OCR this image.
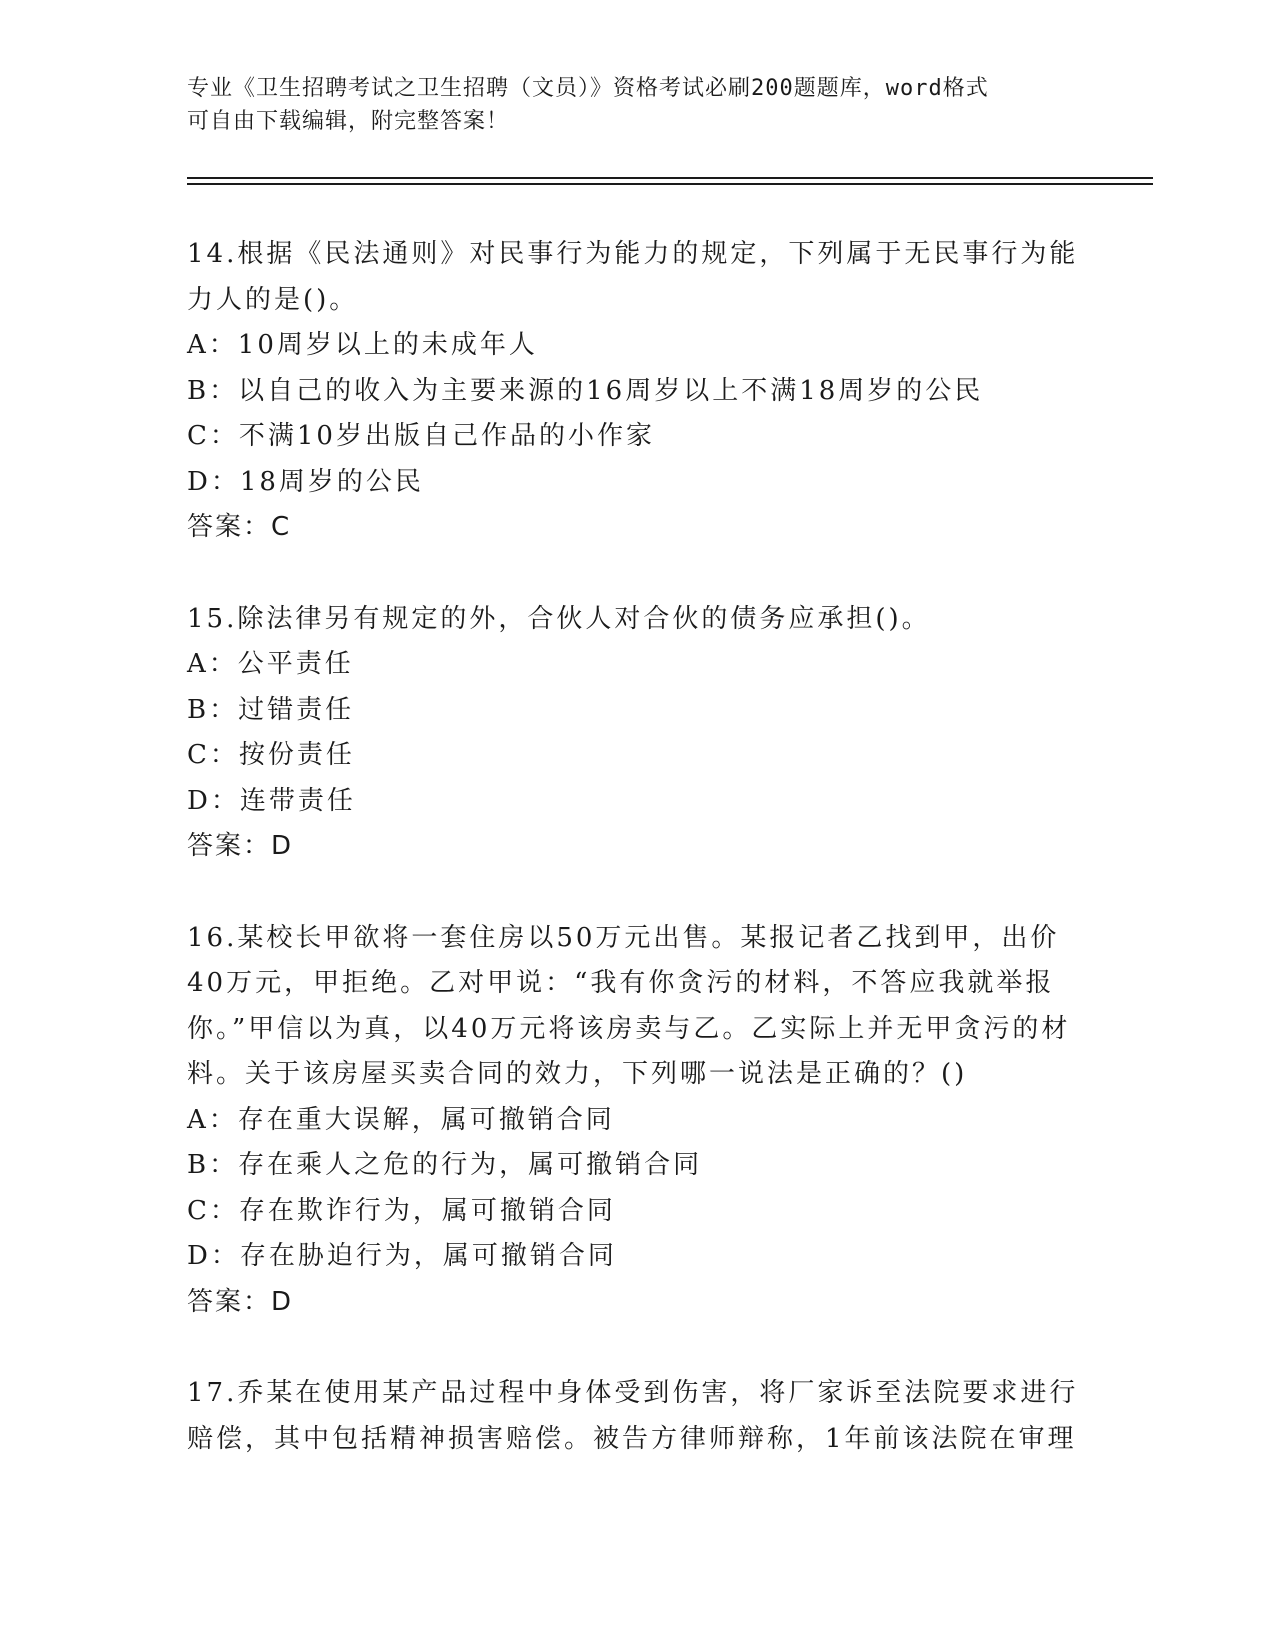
专业《卫生招聘考试之卫生招聘（文员）》资格考试必刷200题题库，word格式
可自由下载编辑，附完整答案！

14.根据《民法通则》对民事行为能力的规定，下列属于无民事行为能力人的是()。

A：10周岁以上的未成年人

B：以自己的收入为主要来源的16周岁以上不满18周岁的公民

C：不满10岁出版自己作品的小作家

D：18周岁的公民

答案：C

15.除法律另有规定的外，合伙人对合伙的债务应承担()。

A：公平责任

B：过错责任

C：按份责任

D：连带责任

答案：D

16.某校长甲欲将一套住房以50万元出售。某报记者乙找到甲，出价40万元，甲拒绝。乙对甲说：“我有你贪污的材料，不答应我就举报你。”甲信以为真，以40万元将该房卖与乙。乙实际上并无甲贪污的材料。关于该房屋买卖合同的效力，下列哪一说法是正确的？()

A：存在重大误解，属可撤销合同

B：存在乘人之危的行为，属可撤销合同

C：存在欺诈行为，属可撤销合同

D：存在胁迫行为，属可撤销合同

答案：D

17.乔某在使用某产品过程中身体受到伤害，将厂家诉至法院要求进行赔偿，其中包括精神损害赔偿。被告方律师辩称，1年前该法院在审理
